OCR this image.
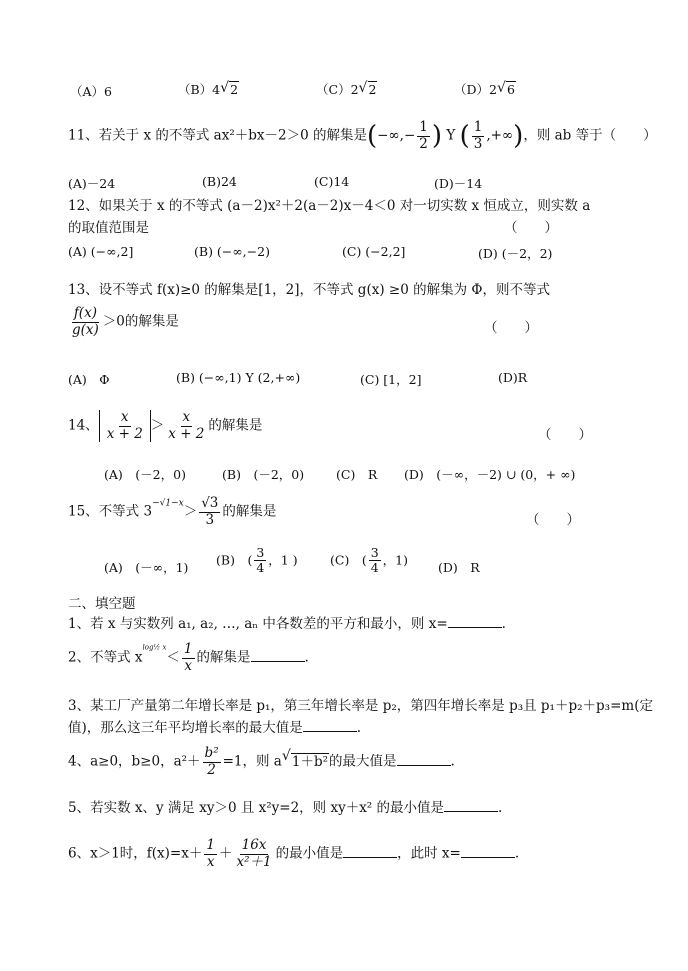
（A）6	（B）4 √ 2	（C）2 √ 2	（D）2 √ 6
11、若关于 x 的不等式 ax²＋bx－2＞0 的解集是(−∞,− $\frac{1}{2}$ ) Y ( $\frac{1}{3}$ ,+∞)，则 ab 等于（　　）
(A)－24	(B)24	(C)14	(D)－14
12、如果关于 x 的不等式 (a－2)x²＋2(a－2)x－4＜0 对一切实数 x 恒成立，则实数 a
的取值范围是	（　　）
(A) (−∞,2]	(B) (−∞,−2)	(C) (−2,2]	(D) (－2，2)
13、设不等式 f(x)≥0 的解集是[1，2]，不等式 g(x) ≥0 的解集为 Φ，则不等式
$\frac{f(x)}{g(x)} >0$的解集是	（　　）
(A)　Φ	(B) (−∞,1) Y (2,+∞)	(C) [1，2]	(D)R
14、 $\frac{x}{x + 2} > \frac{x}{x + 2}$ 的解集是
（　　）
(A)　(－2，0)	(B)　(－2，0)	(C)　R (D)　(－∞，－2) ∪ (0，+ ∞)
15、不等式 $3^{-√1-x}> \frac{√3}{3}$ 的解集是
（　　）
(A)　(－∞，1)
(B)　( $\frac{3}{4}$ ，1 )	(C)　( $\frac{3}{4}$ ，1)
(D)　R
二、填空题
1、若 x 与实数列 a₁, a₂, …, aₙ 中各数差的平方和最小，则 x=	.
2、不等式 $x^{log\frac{1}{2} x}< \frac{1}{x}$ 的解集是	.
3、某工厂产量第二年增长率是 p₁，第三年增长率是 p₂，第四年增长率是 p₃且 p₁＋p₂＋p₃=m(定
值)，那么这三年平均增长率的最大值是	.
4、a≥0，b≥0，$a^2+ \frac{\text{b²}}{2} =1$，则 a √ 1＋b²的最大值是	.
5、若实数 x、y 满足 xy＞0 且 x²y=2，则 xy＋x² 的最小值是	.
6、x＞1时，$f(x)=x+ \frac{1}{x} + \frac{16x}{\text{x²＋1}}$ 的最小值是	，此时 x=	.
